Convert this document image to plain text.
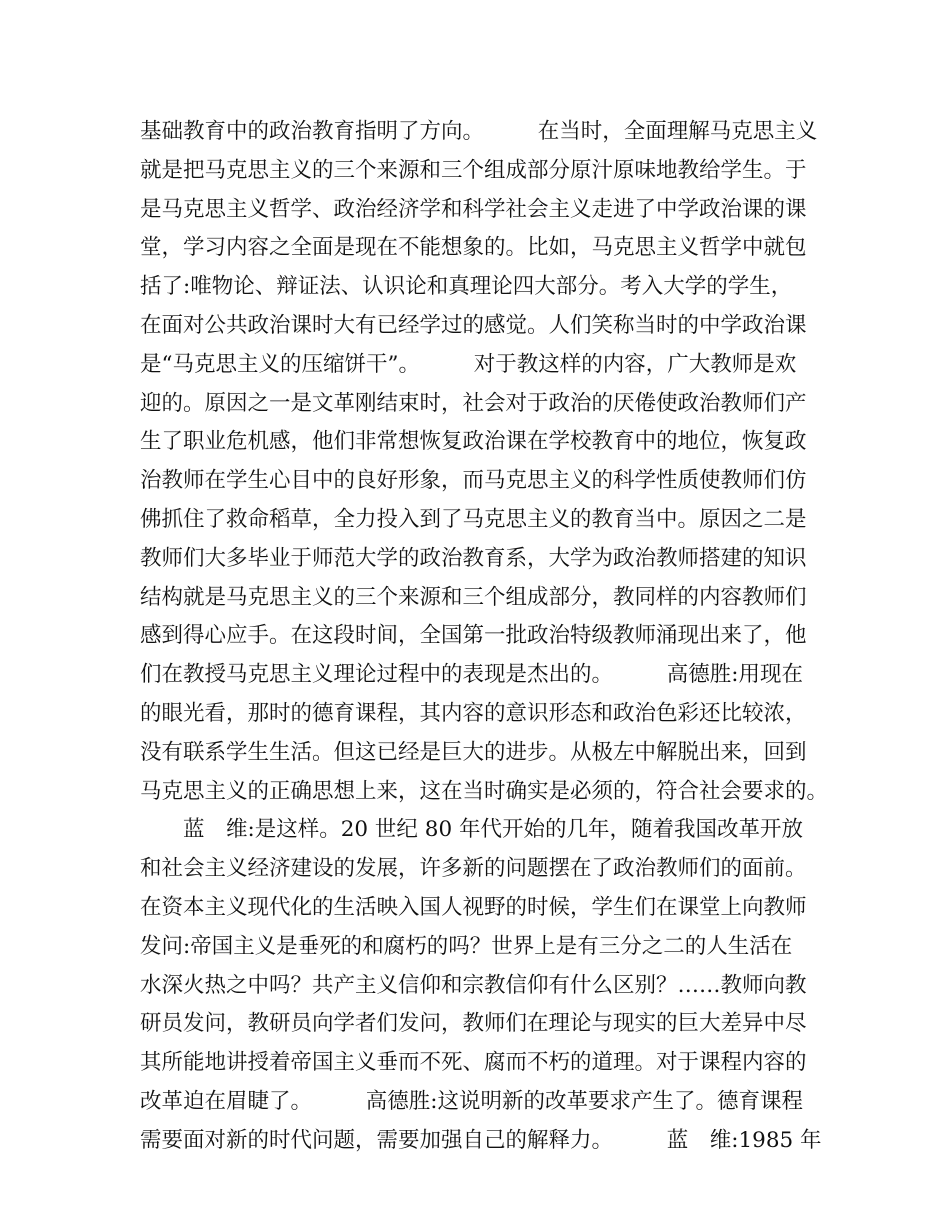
基础教育中的政治教育指明了方向。　　　在当时，全面理解马克思主义
就是把马克思主义的三个来源和三个组成部分原汁原味地教给学生。于
是马克思主义哲学、政治经济学和科学社会主义走进了中学政治课的课
堂，学习内容之全面是现在不能想象的。比如，马克思主义哲学中就包
括了:唯物论、辩证法、认识论和真理论四大部分。考入大学的学生，
在面对公共政治课时大有已经学过的感觉。人们笑称当时的中学政治课
是“马克思主义的压缩饼干”。　　　对于教这样的内容，广大教师是欢
迎的。原因之一是文革刚结束时，社会对于政治的厌倦使政治教师们产
生了职业危机感，他们非常想恢复政治课在学校教育中的地位，恢复政
治教师在学生心目中的良好形象，而马克思主义的科学性质使教师们仿
佛抓住了救命稻草，全力投入到了马克思主义的教育当中。原因之二是
教师们大多毕业于师范大学的政治教育系，大学为政治教师搭建的知识
结构就是马克思主义的三个来源和三个组成部分，教同样的内容教师们
感到得心应手。在这段时间，全国第一批政治特级教师涌现出来了，他
们在教授马克思主义理论过程中的表现是杰出的。　　　高德胜:用现在
的眼光看，那时的德育课程，其内容的意识形态和政治色彩还比较浓，
没有联系学生生活。但这已经是巨大的进步。从极左中解脱出来，回到
马克思主义的正确思想上来，这在当时确实是必须的，符合社会要求的。
　　蓝　维:是这样。20 世纪 80 年代开始的几年，随着我国改革开放
和社会主义经济建设的发展，许多新的问题摆在了政治教师们的面前。
在资本主义现代化的生活映入国人视野的时候，学生们在课堂上向教师
发问:帝国主义是垂死的和腐朽的吗？世界上是有三分之二的人生活在
水深火热之中吗？共产主义信仰和宗教信仰有什么区别？……教师向教
研员发问，教研员向学者们发问，教师们在理论与现实的巨大差异中尽
其所能地讲授着帝国主义垂而不死、腐而不朽的道理。对于课程内容的
改革迫在眉睫了。　　　高德胜:这说明新的改革要求产生了。德育课程
需要面对新的时代问题，需要加强自己的解释力。　　　蓝　维:1985 年
